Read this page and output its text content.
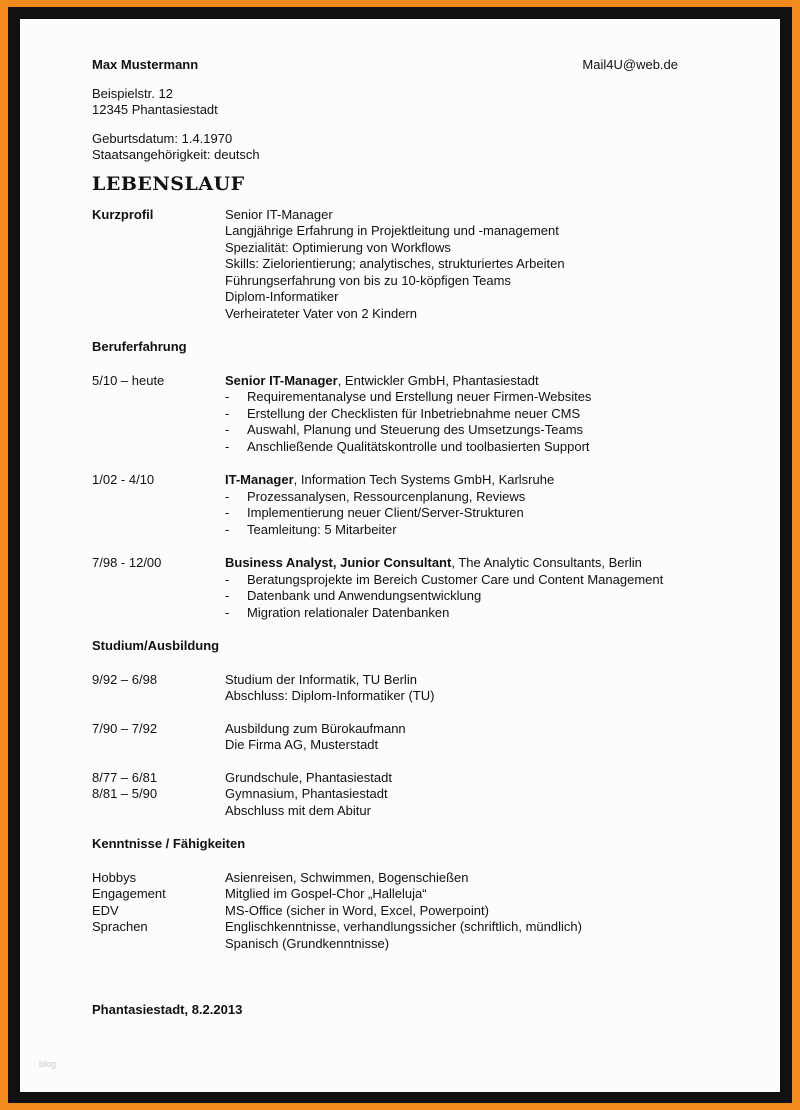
Max Mustermann	Mail4U@web.de
Beispielstr. 12
12345 Phantasiestadt
Geburtsdatum: 1.4.1970
Staatsangehörigkeit: deutsch
LEBENSLAUF
Kurzprofil	Senior IT-Manager
Langjährige Erfahrung in Projektleitung und -management
Spezialität: Optimierung von Workflows
Skills: Zielorientierung; analytisches, strukturiertes Arbeiten
Führungserfahrung von bis zu 10-köpfigen Teams
Diplom-Informatiker
Verheirateter Vater von 2 Kindern
Beruferfahrung
5/10 – heute	Senior IT-Manager, Entwickler GmbH, Phantasiestadt
-	Requirementanalyse und Erstellung neuer Firmen-Websites
-	Erstellung der Checklisten für Inbetriebnahme neuer CMS
-	Auswahl, Planung und Steuerung des Umsetzungs-Teams
-	Anschließende Qualitätskontrolle und toolbasierten Support
1/02 - 4/10	IT-Manager, Information Tech Systems GmbH, Karlsruhe
-	Prozessanalysen, Ressourcenplanung, Reviews
-	Implementierung neuer Client/Server-Strukturen
-	Teamleitung: 5 Mitarbeiter
7/98 - 12/00	Business Analyst, Junior Consultant, The Analytic Consultants, Berlin
-	Beratungsprojekte im Bereich Customer Care und Content Management
-	Datenbank und Anwendungsentwicklung
-	Migration relationaler Datenbanken
Studium/Ausbildung
9/92 – 6/98	Studium der Informatik, TU Berlin
Abschluss: Diplom-Informatiker (TU)
7/90 – 7/92	Ausbildung zum Bürokaufmann
Die Firma AG, Musterstadt
8/77 – 6/81	Grundschule, Phantasiestadt
8/81 – 5/90	Gymnasium, Phantasiestadt
Abschluss mit dem Abitur
Kenntnisse / Fähigkeiten
Hobbys	Asienreisen, Schwimmen, Bogenschießen
Engagement	Mitglied im Gospel-Chor „Halleluja“
EDV	MS-Office (sicher in Word, Excel, Powerpoint)
Sprachen	Englischkenntnisse, verhandlungssicher (schriftlich, mündlich)
Spanisch (Grundkenntnisse)
Phantasiestadt, 8.2.2013
blog
